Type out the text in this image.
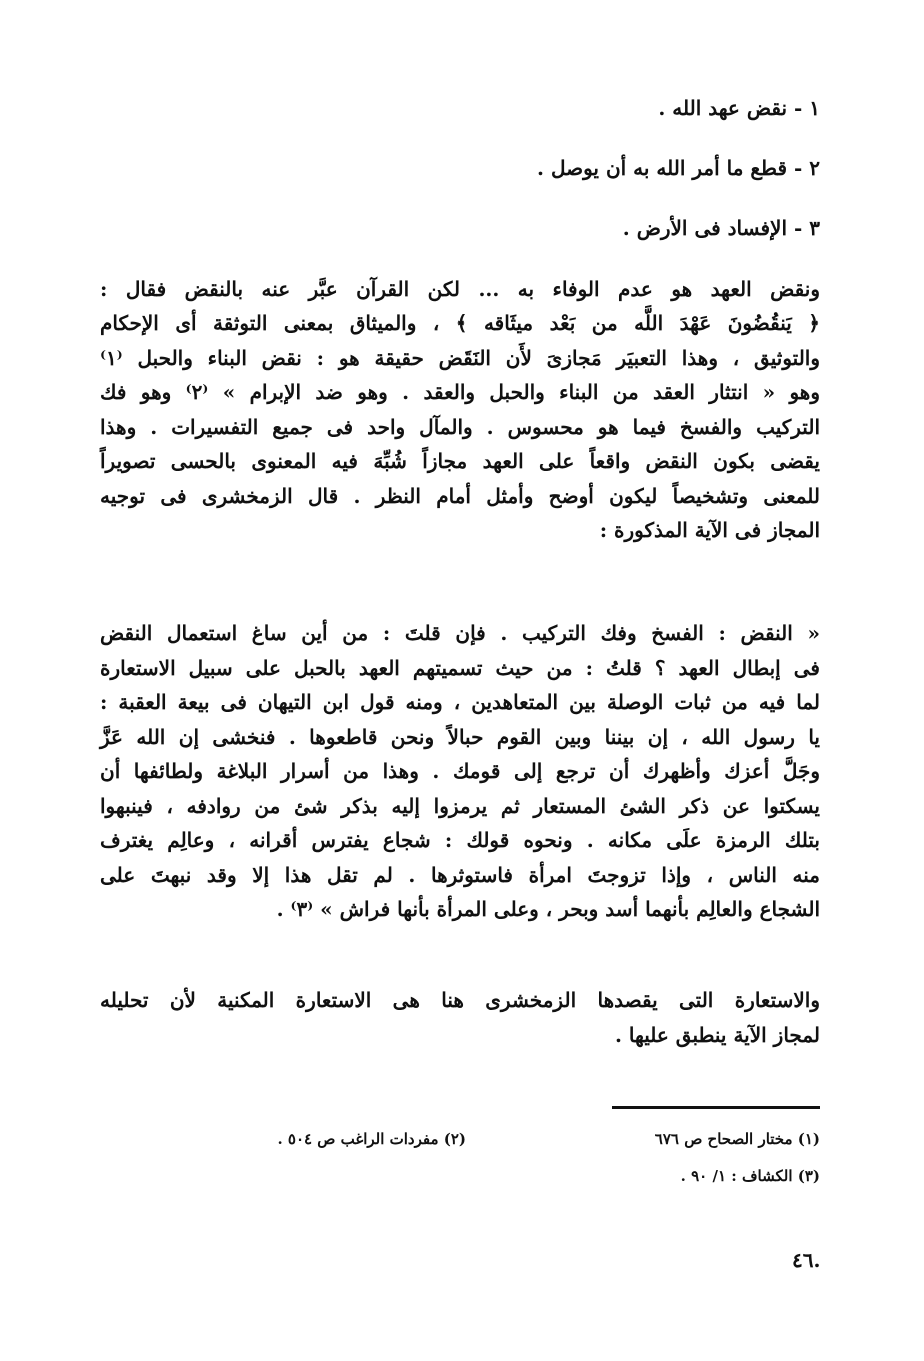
١ - نقض عهد الله .
٢ - قطع ما أمر الله به أن يوصل .
٣ - الإفساد فى الأرض .
ونقض العهد هو عدم الوفاء به ... لكن القرآن عبَّر عنه بالنقض فقال :
﴿ يَنقُضُونَ عَهْدَ اللَّه من بَعْد ميثَاقه ﴾ ، والميثاق بمعنى التوثقة أى الإحكام
والتوثيق ، وهذا التعبيَر مَجازىَ لأَن النَقَض حقيقة هو : نقض البناء والحبل ⁽١⁾
وهو « انتثار العقد من البناء والحبل والعقد . وهو ضد الإبرام » ⁽٢⁾ وهو فك
التركيب والفسخ فيما هو محسوس . والمآل واحد فى جميع التفسيرات . وهذا
يقضى بكون النقض واقعاً على العهد مجازاً شُبِّهَ فيه المعنوى بالحسى تصويراً
للمعنى وتشخيصاً ليكون أوضح وأمثل أمام النظر . قال الزمخشرى فى توجيه
المجاز فى الآية المذكورة :
« النقض : الفسخ وفك التركيب . فإن قلتَ : من أين ساغ استعمال النقض
فى إبطال العهد ؟ قلتُ : من حيث تسميتهم العهد بالحبل على سبيل الاستعارة
لما فيه من ثبات الوصلة بين المتعاهدين ، ومنه قول ابن التيهان فى بيعة العقبة :
يا رسول الله ، إن بيننا وبين القوم حبالاً ونحن قاطعوها . فنخشى إن الله عَزَّ
وجَلَّ أعزك وأظهرك أن ترجع إلى قومك . وهذا من أسرار البلاغة ولطائفها أن
يسكتوا عن ذكر الشئ المستعار ثم يرمزوا إليه بذكر شئ من روادفه ، فينبهوا
بتلك الرمزة علَى مكانه . ونحوه قولك : شجاع يفترس أقرانه ، وعالِم يغترف
منه الناس ، وإذا تزوجتَ امرأة فاستوثرها . لم تقل هذا إلا وقد نبهتَ على
الشجاع والعالِم بأنهما أسد وبحر ، وعلى المرأة بأنها فراش » ⁽٣⁾ .
والاستعارة التى يقصدها الزمخشرى هنا هى الاستعارة المكنية لأن تحليله
لمجاز الآية ينطبق عليها .
(١) مختار الصحاح ص ٦٧٦
(٢) مفردات الراغب ص ٥٠٤ .
(٣) الكشاف : ١/ ٩٠ .
٤٦.
